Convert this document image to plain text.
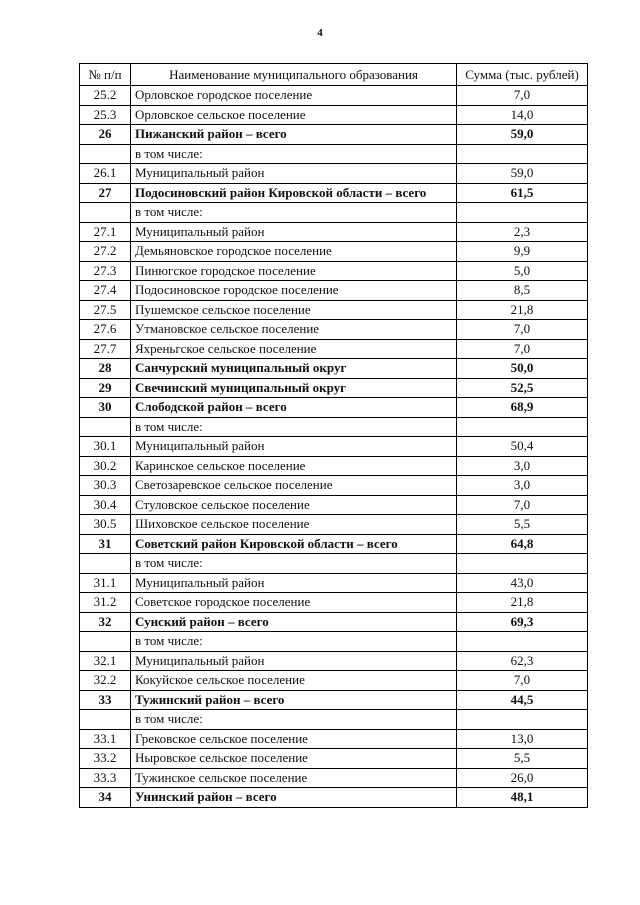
4
№ п/п	Наименование муниципального образования	Сумма (тыс. рублей)
25.2	Орловское городское поселение	7,0
25.3	Орловское сельское поселение	14,0
26	Пижанский район – всего	59,0
	в том числе:	
26.1	Муниципальный район	59,0
27	Подосиновский район Кировской области – всего	61,5
	в том числе:	
27.1	Муниципальный район	2,3
27.2	Демьяновское городское поселение	9,9
27.3	Пинюгское городское поселение	5,0
27.4	Подосиновское городское поселение	8,5
27.5	Пушемское сельское поселение	21,8
27.6	Утмановское сельское поселение	7,0
27.7	Яхреньгское сельское поселение	7,0
28	Санчурский муниципальный округ	50,0
29	Свечинский муниципальный округ	52,5
30	Слободской район – всего	68,9
	в том числе:	
30.1	Муниципальный район	50,4
30.2	Каринское сельское поселение	3,0
30.3	Светозаревское сельское поселение	3,0
30.4	Стуловское сельское поселение	7,0
30.5	Шиховское сельское поселение	5,5
31	Советский район Кировской области – всего	64,8
	в том числе:	
31.1	Муниципальный район	43,0
31.2	Советское городское поселение	21,8
32	Сунский район – всего	69,3
	в том числе:	
32.1	Муниципальный район	62,3
32.2	Кокуйское сельское поселение	7,0
33	Тужинский район – всего	44,5
	в том числе:	
33.1	Грековское сельское поселение	13,0
33.2	Ныровское сельское поселение	5,5
33.3	Тужинское сельское поселение	26,0
34	Унинский район – всего	48,1
